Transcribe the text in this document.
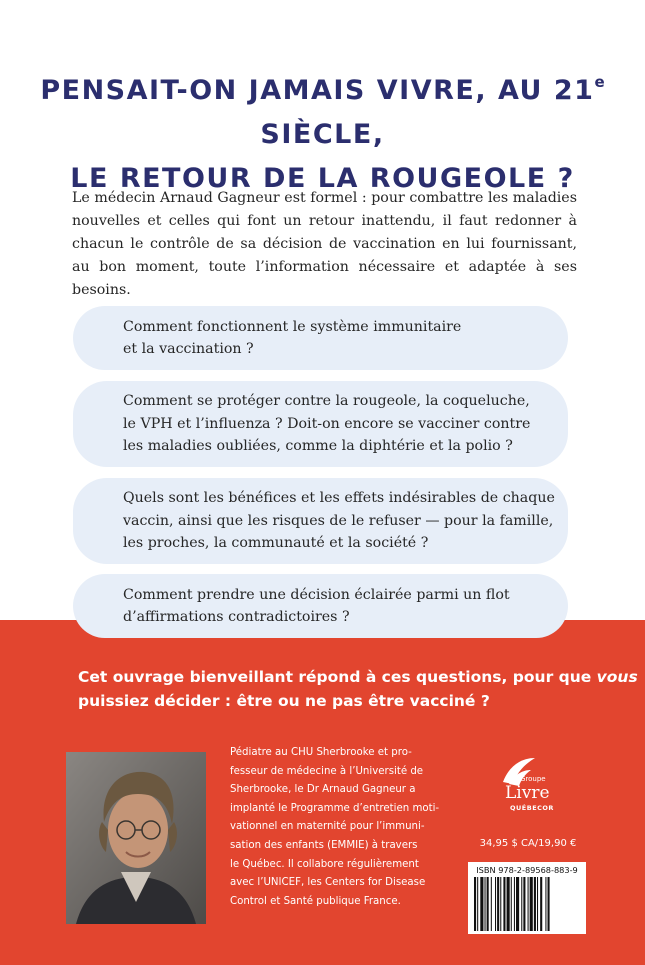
PENSAIT-ON JAMAIS VIVRE, AU 21e SIÈCLE,
LE RETOUR DE LA ROUGEOLE ?
Le médecin Arnaud Gagneur est formel : pour combattre les maladies nouvelles et celles qui font un retour inattendu, il faut redonner à chacun le contrôle de sa décision de vaccination en lui fournissant, au bon moment, toute l’information nécessaire et adaptée à ses besoins.
Comment fonctionnent le système immunitaire
et la vaccination ?
Comment se protéger contre la rougeole, la coqueluche,
le VPH et l’influenza ? Doit-on encore se vacciner contre
les maladies oubliées, comme la diphtérie et la polio ?
Quels sont les bénéfices et les effets indésirables de chaque
vaccin, ainsi que les risques de le refuser — pour la famille,
les proches, la communauté et la société ?
Comment prendre une décision éclairée parmi un flot
d’affirmations contradictoires ?
Cet ouvrage bienveillant répond à ces questions, pour que vous
puissiez décider : être ou ne pas être vacciné ?
Pédiatre au CHU Sherbrooke et pro-
fesseur de médecine à l’Université de
Sherbrooke, le Dr Arnaud Gagneur a
implanté le Programme d’entretien moti-
vationnel en maternité pour l’immuni-
sation des enfants (EMMIE) à travers
le Québec. Il collabore régulièrement
avec l’UNICEF, les Centers for Disease
Control et Santé publique France.
Groupe
Livre
QUÉBECOR
34,95 $ CA/19,90 €
ISBN 978-2-89568-883-9
